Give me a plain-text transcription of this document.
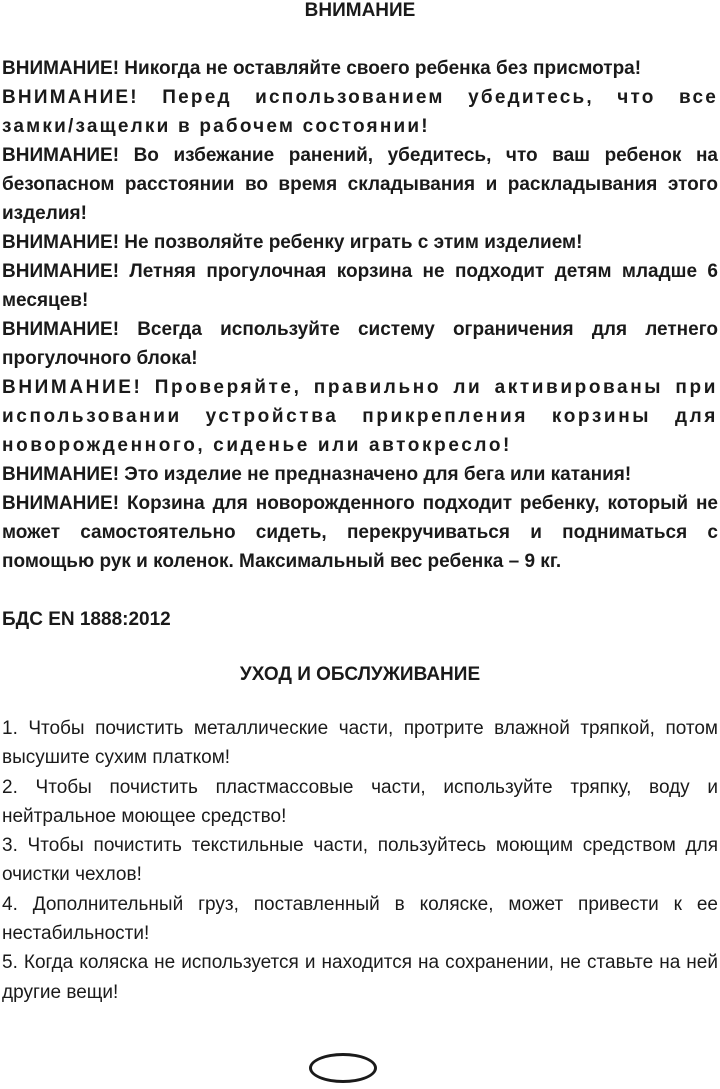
ВНИМАНИЕ

ВНИМАНИЕ! Никогда не оставляйте своего ребенка без присмотра!

ВНИМАНИЕ! Перед использованием убедитесь, что все замки/защелки в рабочем состоянии!

ВНИМАНИЕ! Во избежание ранений, убедитесь, что ваш ребенок на безопасном расстоянии во время складывания и раскладывания этого изделия!

ВНИМАНИЕ! Не позволяйте ребенку играть с этим изделием!

ВНИМАНИЕ! Летняя прогулочная корзина не подходит детям младше 6 месяцев!

ВНИМАНИЕ! Всегда используйте систему ограничения для летнего прогулочного блока!

ВНИМАНИЕ! Проверяйте, правильно ли активированы при использовании устройства прикрепления корзины для новорожденного, сиденье или автокресло!

ВНИМАНИЕ! Это изделие не предназначено для бега или катания!

ВНИМАНИЕ! Корзина для новорожденного подходит ребенку, который не может самостоятельно сидеть, перекручиваться и подниматься с помощью рук и коленок. Максимальный вес ребенка – 9 кг.

БДС EN 1888:2012
УХОД И ОБСЛУЖИВАНИЕ

1. Чтобы почистить металлические части, протрите влажной тряпкой, потом высушите сухим платком!

2. Чтобы почистить пластмассовые части, используйте тряпку, воду и нейтральное моющее средство!

3. Чтобы почистить текстильные части, пользуйтесь моющим средством для очистки чехлов!

4. Дополнительный груз, поставленный в коляске, может привести к ее нестабильности!

5. Когда коляска не используется и находится на сохранении, не ставьте на ней другие вещи!
